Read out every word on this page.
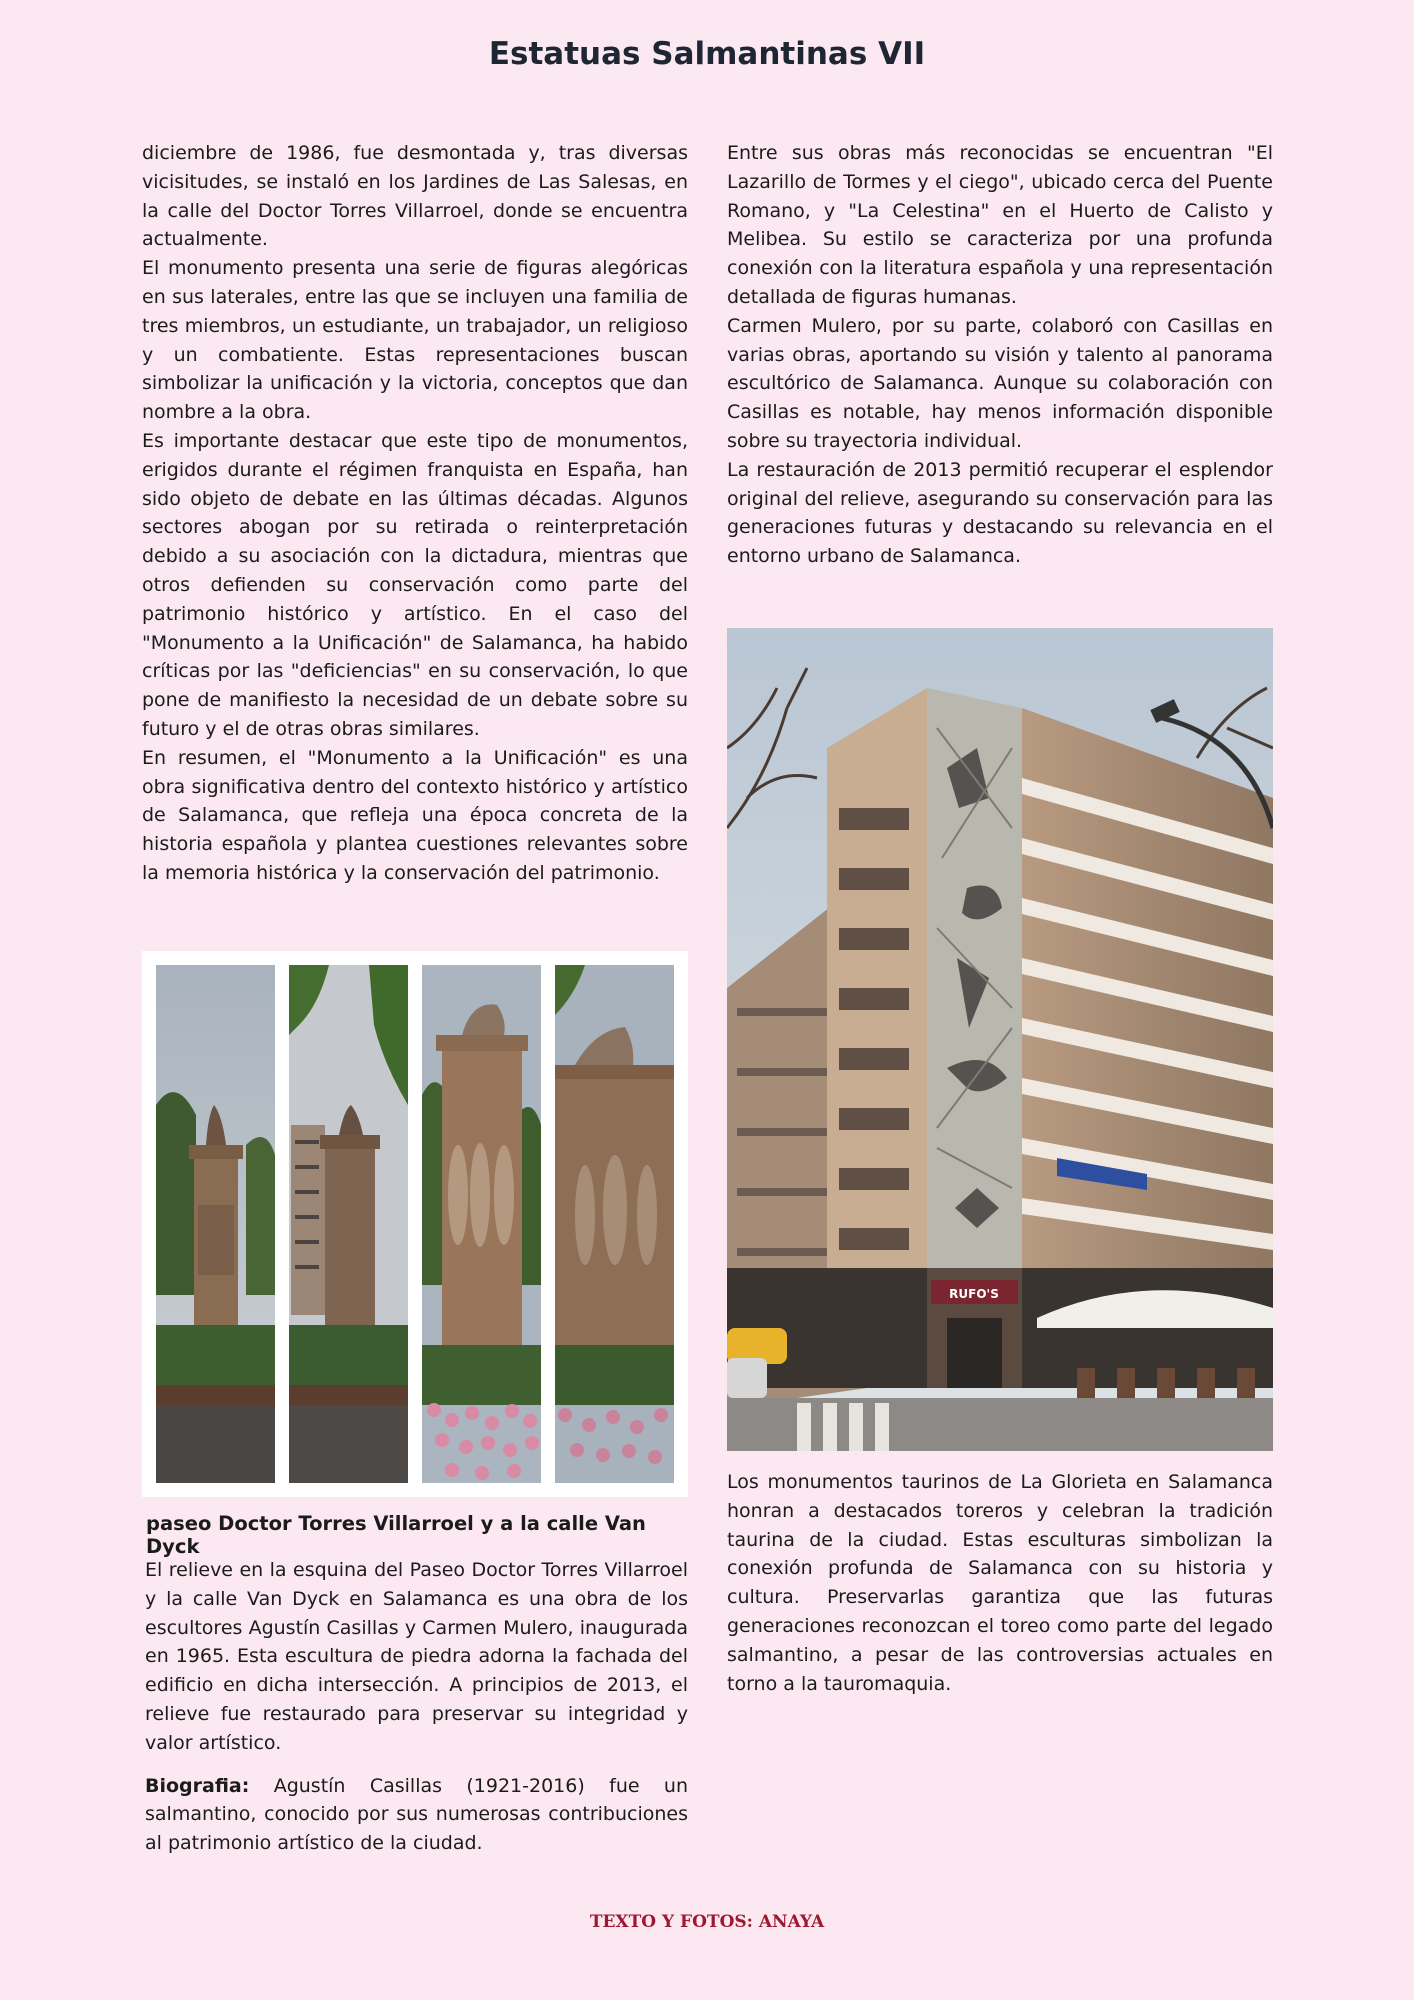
Estatuas Salmantinas VII

diciembre de 1986, fue desmontada y, tras diversas vicisitudes, se instaló en los Jardines de Las Salesas, en la calle del Doctor Torres Villarroel, donde se encuentra actualmente.

El monumento presenta una serie de figuras alegóricas en sus laterales, entre las que se incluyen una familia de tres miembros, un estudiante, un trabajador, un religioso y un combatiente. Estas representaciones buscan simbolizar la unificación y la victoria, conceptos que dan nombre a la obra.

Es importante destacar que este tipo de monumentos, erigidos durante el régimen franquista en España, han sido objeto de debate en las últimas décadas. Algunos sectores abogan por su retirada o reinterpretación debido a su asociación con la dictadura, mientras que otros defienden su conservación como parte del patrimonio histórico y artístico. En el caso del "Monumento a la Unificación" de Salamanca, ha habido críticas por las "deficiencias" en su conservación, lo que pone de manifiesto la necesidad de un debate sobre su futuro y el de otras obras similares.

En resumen, el "Monumento a la Unificación" es una obra significativa dentro del contexto histórico y artístico de Salamanca, que refleja una época concreta de la historia española y plantea cuestiones relevantes sobre la memoria histórica y la conservación del patrimonio.

paseo Doctor Torres Villarroel y a la calle Van Dyck

El relieve en la esquina del Paseo Doctor Torres Villarroel y la calle Van Dyck en Salamanca es una obra de los escultores Agustín Casillas y Carmen Mulero, inaugurada en 1965. Esta escultura de piedra adorna la fachada del edificio en dicha intersección. A principios de 2013, el relieve fue restaurado para preservar su integridad y valor artístico.

Biografia: Agustín Casillas (1921-2016) fue un salmantino, conocido por sus numerosas contribuciones al patrimonio artístico de la ciudad.

Entre sus obras más reconocidas se encuentran "El Lazarillo de Tormes y el ciego", ubicado cerca del Puente Romano, y "La Celestina" en el Huerto de Calisto y Melibea. Su estilo se caracteriza por una profunda conexión con la literatura española y una representación detallada de figuras humanas.

Carmen Mulero, por su parte, colaboró con Casillas en varias obras, aportando su visión y talento al panorama escultórico de Salamanca. Aunque su colaboración con Casillas es notable, hay menos información disponible sobre su trayectoria individual.

La restauración de 2013 permitió recuperar el esplendor original del relieve, asegurando su conservación para las generaciones futuras y destacando su relevancia en el entorno urbano de Salamanca.

RUFO'S

Los monumentos taurinos de La Glorieta en Salamanca honran a destacados toreros y celebran la tradición taurina de la ciudad. Estas esculturas simbolizan la conexión profunda de Salamanca con su historia y cultura. Preservarlas garantiza que las futuras generaciones reconozcan el toreo como parte del legado salmantino, a pesar de las controversias actuales en torno a la tauromaquia.

TEXTO Y FOTOS: ANAYA
